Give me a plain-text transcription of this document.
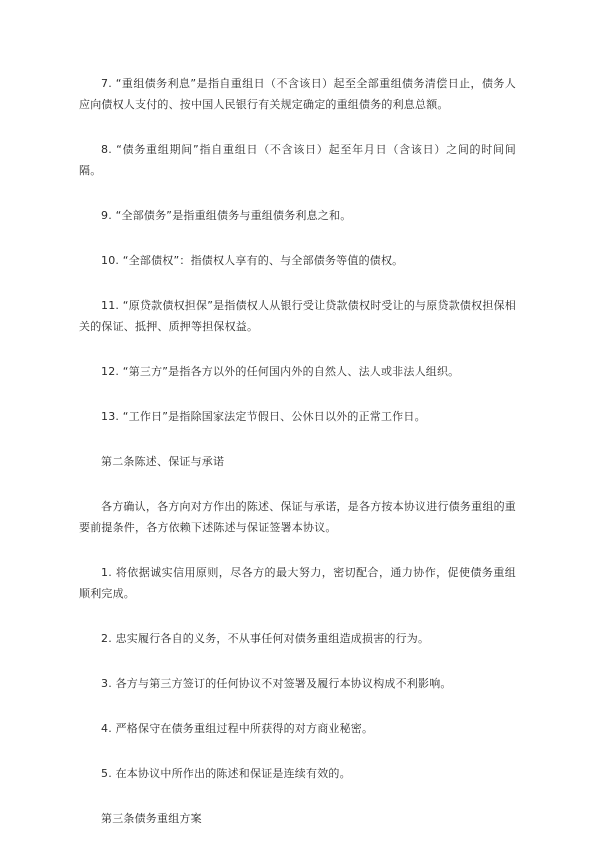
7. “重组债务利息”是指自重组日（不含该日）起至全部重组债务清偿日止，债务人应向债权人支付的、按中国人民银行有关规定确定的重组债务的利息总额。

8. “债务重组期间”指自重组日（不含该日）起至年月日（含该日）之间的时间间隔。

9. “全部债务”是指重组债务与重组债务利息之和。

10. “全部债权”：指债权人享有的、与全部债务等值的债权。

11. “原贷款债权担保”是指债权人从银行受让贷款债权时受让的与原贷款债权担保相关的保证、抵押、质押等担保权益。

12. “第三方”是指各方以外的任何国内外的自然人、法人或非法人组织。

13. “工作日”是指除国家法定节假日、公休日以外的正常工作日。

第二条陈述、保证与承诺

各方确认，各方向对方作出的陈述、保证与承诺，是各方按本协议进行债务重组的重要前提条件，各方依赖下述陈述与保证签署本协议。

1. 将依据诚实信用原则，尽各方的最大努力，密切配合，通力协作，促使债务重组顺利完成。

2. 忠实履行各自的义务，不从事任何对债务重组造成损害的行为。

3. 各方与第三方签订的任何协议不对签署及履行本协议构成不利影响。

4. 严格保守在债务重组过程中所获得的对方商业秘密。

5. 在本协议中所作出的陈述和保证是连续有效的。

第三条债务重组方案
